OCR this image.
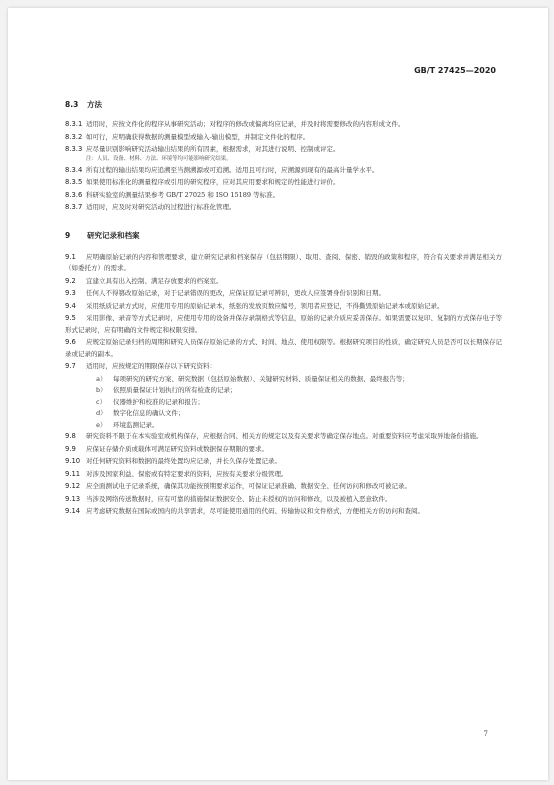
GB/T 27425—2020
8.3 方法
8.3.1 适用时，应按文件化的程序从事研究活动；对程序的修改或偏离均应记录，并及时将需要修改的内容形成文件。
8.3.2 如可行，应明确获得数据的测量模型或输入-输出模型，并制定文件化的程序。
8.3.3 应尽量识别影响研究活动输出结果的所有因素，根据需求，对其进行说明、控制或评定。
注：人员、设备、材料、方法、环境等均可能影响研究结果。
8.3.4 所有过程的输出结果均应追溯至当测溯源或可追溯。适用且可行时，应溯源到现有的最高计量学水平。
8.3.5 如果使用标准化的测量程序或引用的研究程序，应对其应用要求和规定的性能进行评价。
8.3.6 科研实验室的测量结果参考 GB/T 27025 和 ISO 15189 等标准。
8.3.7 适用时，应及时对研究活动的过程进行标准化管理。
9 研究记录和档案
9.1 应明确原始记录的内容和管理要求，建立研究记录和档案保存（包括期限）、取用、查阅、保密、销毁的政策和程序，符合有关要求并满足相关方（如委托方）的需求。
9.2 宜建立具有出入控制、满足存放要求的档案室。
9.3 任何人不得篡改原始记录，对于记录错误的更改，应保证原记录可辨识，更改人应签署身份识别和日期。
9.4 采用纸质记录方式时，应使用专用的原始记录本，纸张的发放页数应编号，领用者应登记，不得撕毁原始记录本或原始记录。
9.5 采用影像、录音等方式记录时，应使用专用的设备并保存录制格式等信息，原始的记录介质应妥善保存。如果需要以复印、复制的方式保存电子等形式记录时，应有明确的文件规定和权限安排。
9.6 应规定原始记录归档的周期和研究人员保存原始记录的方式、时间、地点、使用权限等。根据研究项目的性质，确定研究人员是否可以长期保存记录或记录的副本。
9.7 适用时，应按规定的期限保存以下研究资料：
a）	每项研究的研究方案、研究数据（包括原始数据）、关键研究材料、质量保证相关的数据、最终报告等；
b） 依照质量保证计划执行的所有检查的记录；
c）	仪器维护和校准的记录和报告；
d） 数字化信息的确认文件；
e）	环境监测记录。
9.8 研究资料不限于在本实验室或机构保存，应根据合同、相关方的规定以及有关要求等确定保存地点。对重要资料应考虑采取异地备份措施。
9.9 应保证存储介质或载体可满足研究资料或数据保存期限的要求。
9.10 对任何研究资料和数据的最终处置均应记录，并长久保存处置记录。
9.11 对涉及国家利益、保密或有特定要求的资料，应按有关要求分级管理。
9.12 应全面测试电子记录系统，确保其功能按预期要求运作，可保证记录准确、数据安全、任何访问和修改可被记录。
9.13 当涉及网络传送数据时，应有可靠的措施保证数据安全、防止未授权的访问和修改，以及被植入恶意软件。
9.14 应考虑研究数据在国际或国内的共享需求，尽可能使用通用的代码、传输协议和文件格式，方便相关方的访问和查阅。
7
